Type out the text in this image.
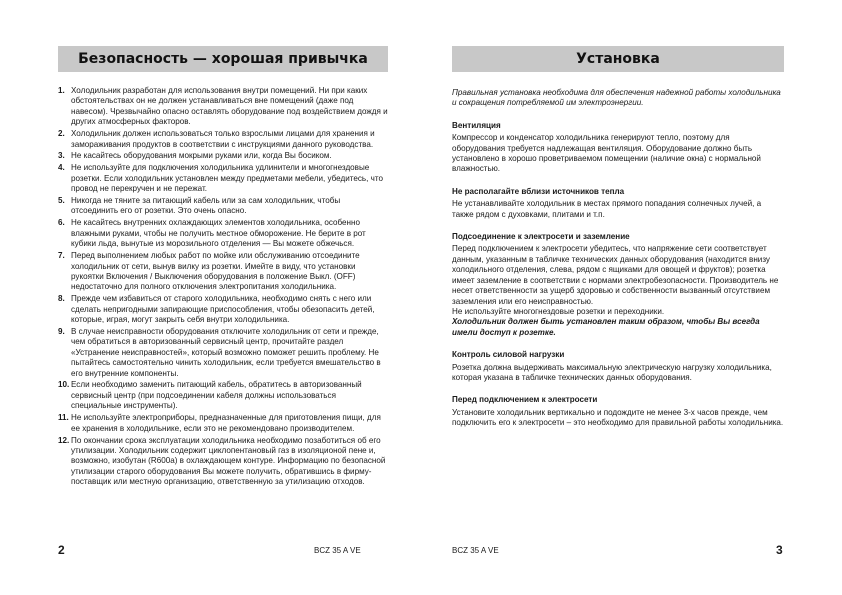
Безопасность — хорошая привычка	Установка
1. Холодильник разработан для использования внутри помещений. Ни при каких обстоятельствах он не должен устанавливаться вне помещений (даже под навесом). Чрезвычайно опасно оставлять оборудование под воздействием дождя и других атмосферных факторов.
2. Холодильник должен использоваться только взрослыми лицами для хранения и замораживания продуктов в соответствии с инструкциями данного руководства.
3. Не касайтесь оборудования мокрыми руками или, когда Вы босиком.
4. Не используйте для подключения холодильника удлинители и многогнездовые розетки. Если холодильник установлен между предметами мебели, убедитесь, что провод не перекручен и не пережат.
5. Никогда не тяните за питающий кабель или за сам холодильник, чтобы отсоединить его от розетки. Это очень опасно.
6. Не касайтесь внутренних охлаждающих элементов холодильника, особенно влажными руками, чтобы не получить местное обморожение. Не берите в рот кубики льда, вынутые из морозильного отделения — Вы можете обжечься.
7. Перед выполнением любых работ по мойке или обслуживанию отсоедините холодильник от сети, вынув вилку из розетки. Имейте в виду, что установки рукоятки Включения / Выключения оборудования в положение Выкл. (OFF) недостаточно для полного отключения электропитания холодильника.
8. Прежде чем избавиться от старого холодильника, необходимо снять с него или сделать непригодными запирающие приспособления, чтобы обезопасить детей, которые, играя, могут закрыть себя внутри холодильника.
9. В случае неисправности оборудования отключите холодильник от сети и прежде, чем обратиться в авторизованный сервисный центр, прочитайте раздел «Устранение неисправностей», который возможно поможет решить проблему. Не пытайтесь самостоятельно чинить холодильник, если требуется вмешательство в его внутренние компоненты.
10. Если необходимо заменить питающий кабель, обратитесь в авторизованный сервисный центр (при подсоединении кабеля должны использоваться специальные инструменты).
11. Не используйте электроприборы, предназначенные для приготовления пищи, для ее хранения в холодильнике, если это не рекомендовано производителем.
12. По окончании срока эксплуатации холодильника необходимо позаботиться об его утилизации. Холодильник содержит циклопентановый газ в изоляционой пене и, возможно, изобутан (R600a) в охлаждающем контуре. Информацию по безопасной утилизации старого оборудования Вы можете получить, обратившись в фирму-поставщик или местную организацию, ответственную за утилизацию отходов.
Правильная установка необходима для обеспечения надежной работы холодильника и сокращения потребляемой им электроэнергии.
Вентиляция
Компрессор и конденсатор холодильника генерируют тепло, поэтому для оборудования требуется надлежащая вентиляция. Оборудование должно быть установлено в хорошо проветриваемом помещении (наличие окна) с нормальной влажностью.
Не располагайте вблизи источников тепла
Не устанавливайте холодильник в местах прямого попадания солнечных лучей, а также рядом с духовками, плитами и т.п.
Подсоединение к электросети и заземление
Перед подключением к электросети убедитесь, что напряжение сети соответствует данным, указанным в табличке технических данных оборудования (находится внизу холодильного отделения, слева, рядом с ящиками для овощей и фруктов); розетка имеет заземление в соответствии с нормами электробезопасности. Производитель не несет ответственности за ущерб здоровью и собственности вызванный отсутствием заземления или его неисправностью.
Не используйте многогнездовые розетки и переходники.
Холодильник должен быть установлен таким образом, чтобы Вы всегда имели доступ к розетке.
Контроль силовой нагрузки
Розетка должна выдерживать максимальную электрическую нагрузку холодильника, которая указана в табличке технических данных оборудования.
Перед подключением к электросети
Установите холодильник вертикально и подождите не менее 3-х часов прежде, чем подключить его к электросети – это необходимо для правильной работы холодильника.
2	BCZ 35 A VE	BCZ 35 A VE	3
